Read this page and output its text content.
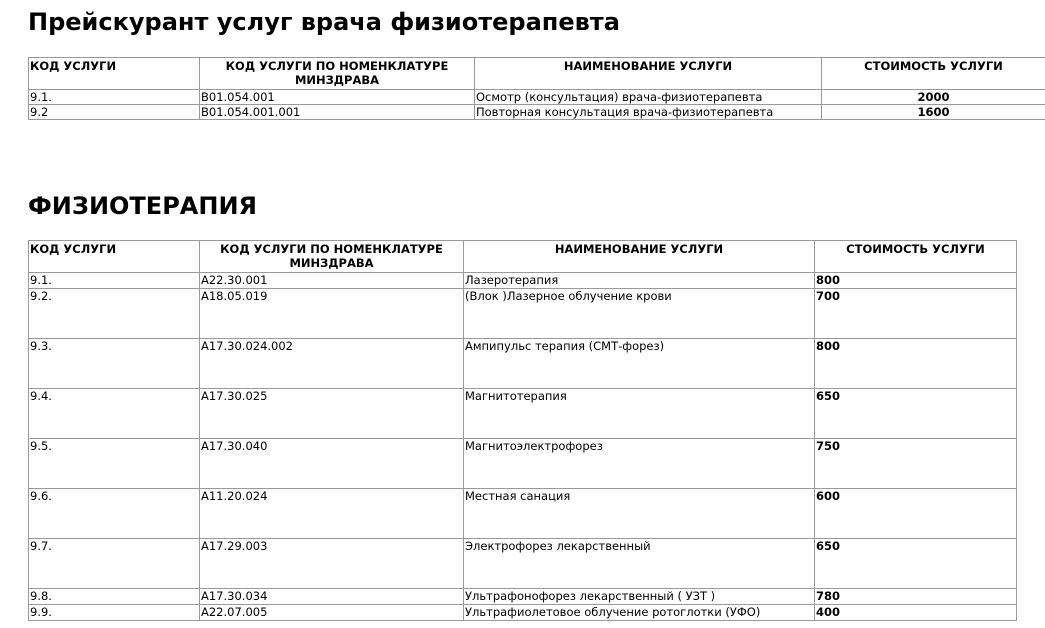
Прейскурант услуг врача физиотерапевта
КОД УСЛУГИ	КОД УСЛУГИ ПО НОМЕНКЛАТУРЕ МИНЗДРАВА	НАИМЕНОВАНИЕ УСЛУГИ	СТОИМОСТЬ УСЛУГИ
9.1.	В01.054.001	Осмотр (консультация) врача-физиотерапевта	2000
9.2	В01.054.001.001	Повторная консультация врача-физиотерапевта	1600
ФИЗИОТЕРАПИЯ
КОД УСЛУГИ	КОД УСЛУГИ ПО НОМЕНКЛАТУРЕ МИНЗДРАВА	НАИМЕНОВАНИЕ УСЛУГИ	СТОИМОСТЬ УСЛУГИ
9.1.	А22.30.001	Лазеротерапия	800
9.2.	А18.05.019	(Влок )Лазерное облучение крови	700
9.3.	А17.30.024.002	Ампипульс терапия (СМТ-форез)	800
9.4.	А17.30.025	Магнитотерапия	650
9.5.	А17.30.040	Магнитоэлектрофорез	750
9.6.	А11.20.024	Местная санация	600
9.7.	А17.29.003	Электрофорез лекарственный	650
9.8.	А17.30.034	Ультрафонофорез лекарственный ( УЗТ )	780
9.9.	А22.07.005	Ультрафиолетовое облучение ротоглотки (УФО)	400
